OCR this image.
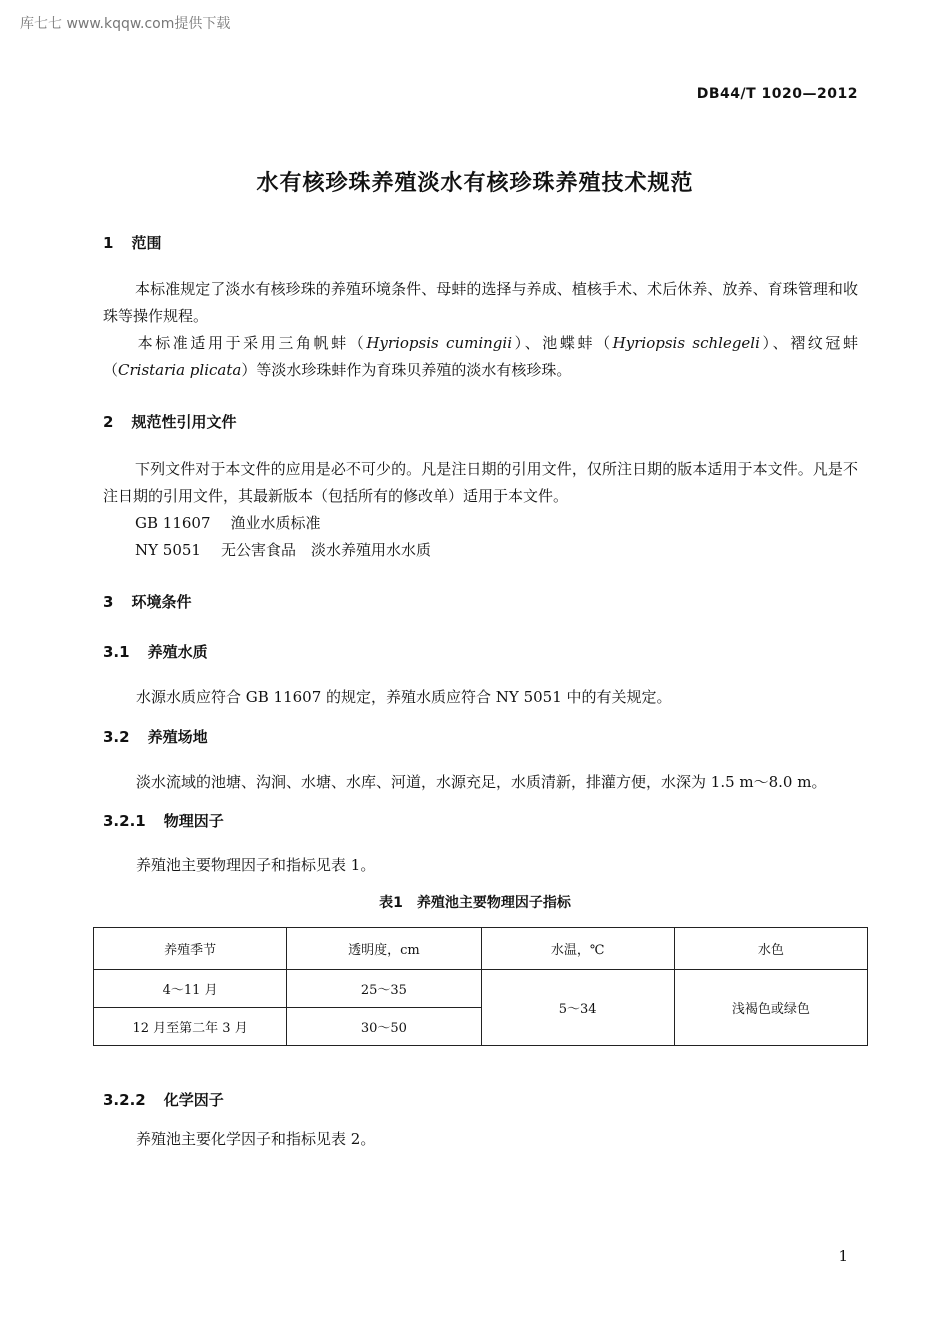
库七七 www.kqqw.com提供下载
DB44/T 1020—2012
水有核珍珠养殖淡水有核珍珠养殖技术规范
1 范围
本标准规定了淡水有核珍珠的养殖环境条件、母蚌的选择与养成、植核手术、术后休养、放养、育珠管理和收珠等操作规程。
本标准适用于采用三角帆蚌（Hyriopsis cumingii）、池蝶蚌（Hyriopsis schlegeli）、褶纹冠蚌（Cristaria plicata）等淡水珍珠蚌作为育珠贝养殖的淡水有核珍珠。
2 规范性引用文件
下列文件对于本文件的应用是必不可少的。凡是注日期的引用文件，仅所注日期的版本适用于本文件。凡是不注日期的引用文件，其最新版本（包括所有的修改单）适用于本文件。
GB 11607 渔业水质标准
NY 5051 无公害食品　淡水养殖用水水质
3 环境条件
3.1 养殖水质
水源水质应符合 GB 11607 的规定，养殖水质应符合 NY 5051 中的有关规定。
3.2 养殖场地
淡水流域的池塘、沟涧、水塘、水库、河道，水源充足，水质清新，排灌方便，水深为 1.5 m～8.0 m。
3.2.1 物理因子
养殖池主要物理因子和指标见表 1。
表1　养殖池主要物理因子指标
养殖季节	透明度，cm	水温，℃	水色
4～11 月	25～35	5～34	浅褐色或绿色
12 月至第二年 3 月	30～50		
3.2.2 化学因子
养殖池主要化学因子和指标见表 2。
1
